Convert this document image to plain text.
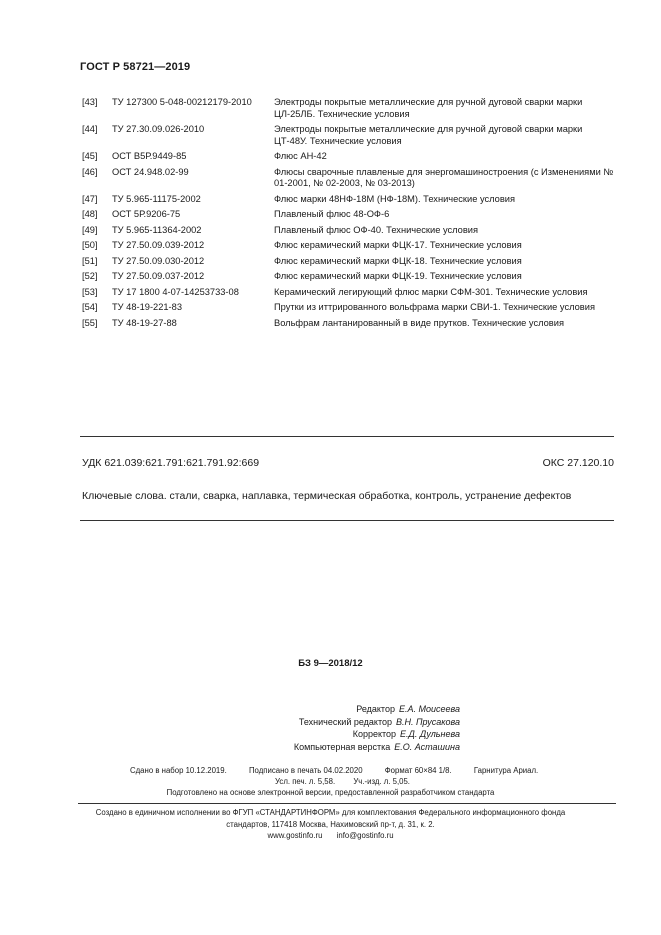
ГОСТ Р 58721—2019
[43]	ТУ 127300 5-048-00212179-2010	Электроды покрытые металлические для ручной дуговой сварки марки ЦЛ-25ЛБ. Технические условия
[44]	ТУ 27.30.09.026-2010	Электроды покрытые металлические для ручной дуговой сварки марки ЦТ-48У. Технические условия
[45]	ОСТ В5Р.9449-85	Флюс АН-42
[46]	ОСТ 24.948.02-99	Флюсы сварочные плавленые для энергомашиностроения (с Изменениями № 01-2001, № 02-2003, № 03-2013)
[47]	ТУ 5.965-11175-2002	Флюс марки 48НФ-18М (НФ-18М). Технические условия
[48]	ОСТ 5Р.9206-75	Плавленый флюс 48-ОФ-6
[49]	ТУ 5.965-11364-2002	Плавленый флюс ОФ-40. Технические условия
[50]	ТУ 27.50.09.039-2012	Флюс керамический марки ФЦК-17. Технические условия
[51]	ТУ 27.50.09.030-2012	Флюс керамический марки ФЦК-18. Технические условия
[52]	ТУ 27.50.09.037-2012	Флюс керамический марки ФЦК-19. Технические условия
[53]	ТУ 17 1800 4-07-14253733-08	Керамический легирующий флюс марки СФМ-301. Технические условия
[54]	ТУ 48-19-221-83	Прутки из иттрированного вольфрама марки СВИ-1. Технические условия
[55]	ТУ 48-19-27-88	Вольфрам лантанированный в виде прутков. Технические условия
УДК 621.039:621.791:621.791.92:669	ОКС 27.120.10
Ключевые слова. стали, сварка, наплавка, термическая обработка, контроль, устранение дефектов
БЗ 9—2018/12
Редактор Е.А. Моисеева
Технический редактор В.Н. Прусакова
Корректор Е.Д. Дульнева
Компьютерная верстка Е.О. Асташина
Сдано в набор 10.12.2019.	Подписано в печать 04.02.2020	Формат 60×84 1/8.	Гарнитура Ариал.
Усл. печ. л. 5,58. Уч.-изд. л. 5,05.
Подготовлено на основе электронной версии, предоставленной разработчиком стандарта
Создано в единичном исполнении во ФГУП «СТАНДАРТИНФОРМ» для комплектования Федерального информационного фонда
стандартов, 117418 Москва, Нахимовский пр-т, д. 31, к. 2.
www.gostinfo.ru info@gostinfo.ru
